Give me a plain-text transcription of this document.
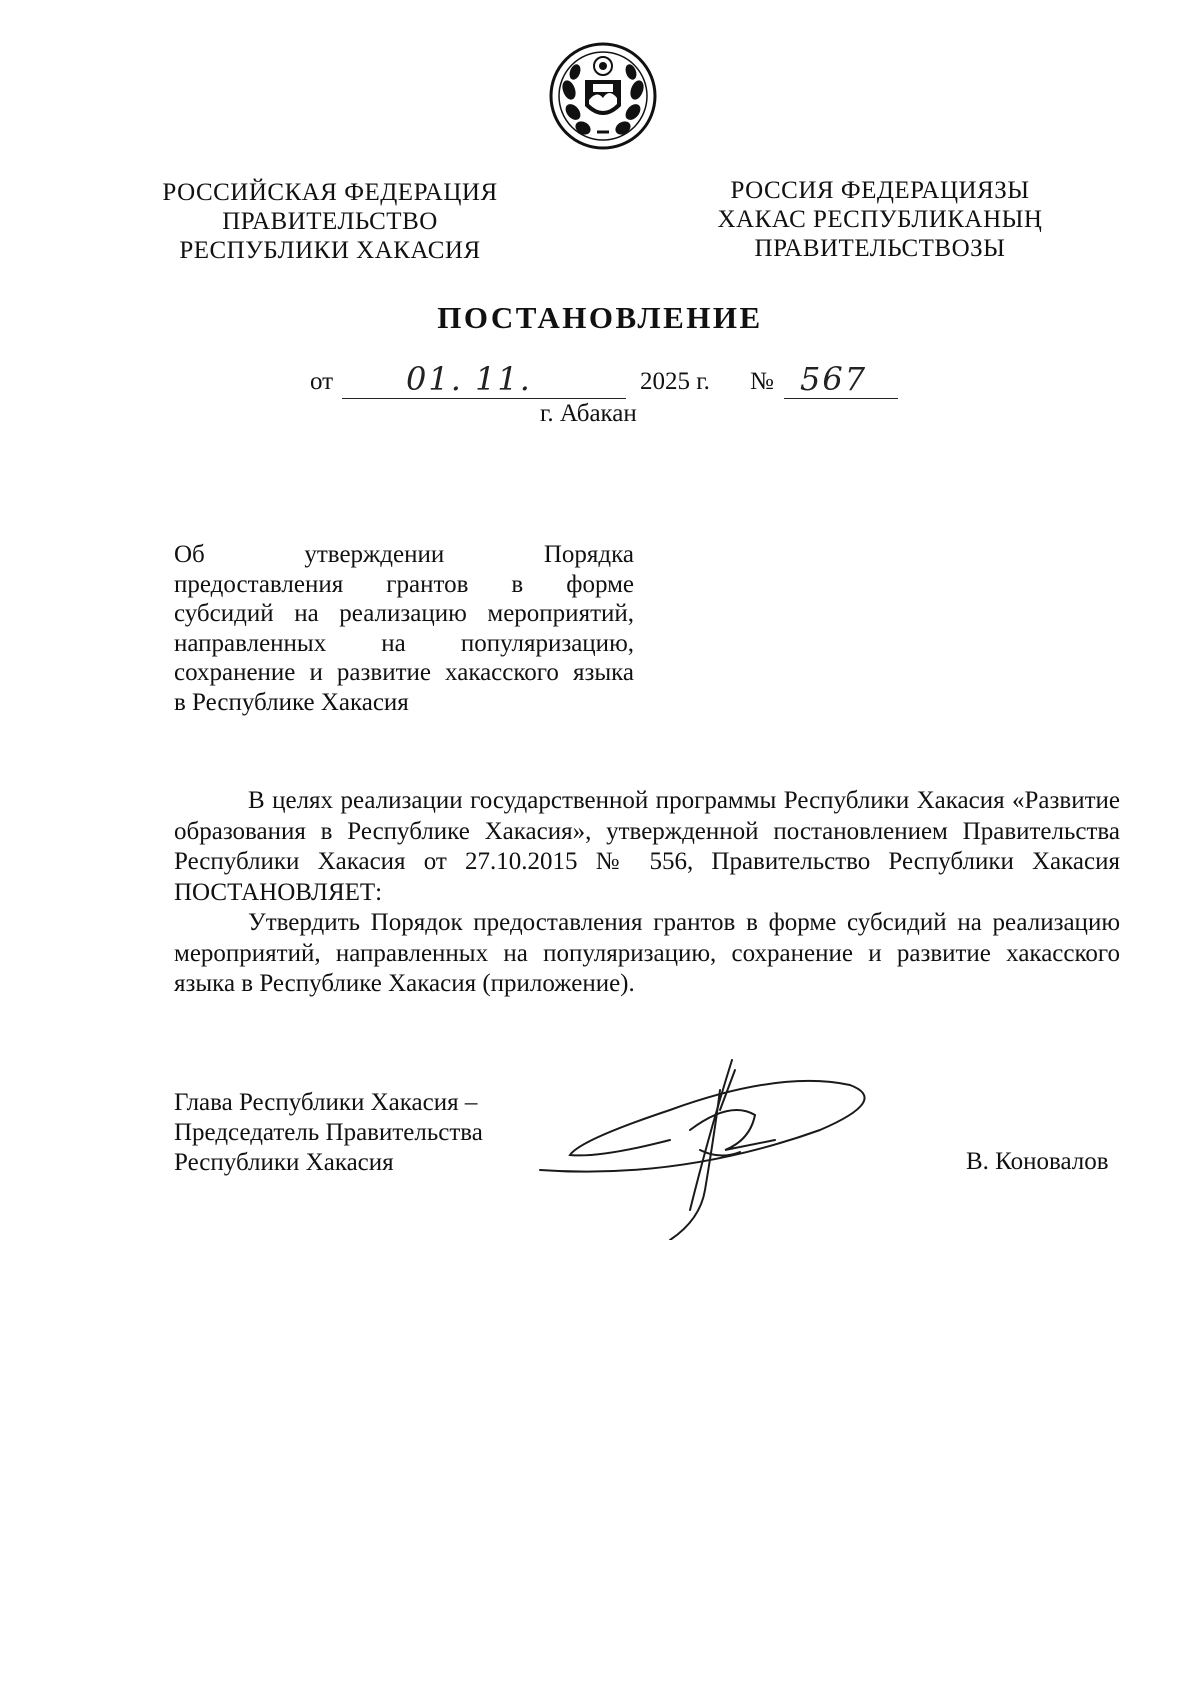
РОССИЙСКАЯ ФЕДЕРАЦИЯ
ПРАВИТЕЛЬСТВО
РЕСПУБЛИКИ ХАКАСИЯ
РОССИЯ ФЕДЕРАЦИЯЗЫ
ХАКАС РЕСПУБЛИКАНЫҢ
ПРАВИТЕЛЬСТВОЗЫ
ПОСТАНОВЛЕНИЕ
от 01. 11.	2025 г. № 567
г. Абакан
Об утверждении Порядка
предоставления грантов в форме
субсидий на реализацию мероприятий,
направленных на популяризацию,
сохранение и развитие хакасского языка
в Республике Хакасия

В целях реализации государственной программы Республики Хакасия «Развитие образования в Республике Хакасия», утвержденной постановлением Правительства Республики Хакасия от 27.10.2015 № 556, Правительство Республики Хакасия ПОСТАНОВЛЯЕТ:

Утвердить Порядок предоставления грантов в форме субсидий на реализацию мероприятий, направленных на популяризацию, сохранение и развитие хакасского языка в Республике Хакасия (приложение).

Глава Республики Хакасия –
Председатель Правительства
Республики Хакасия	В. Коновалов
